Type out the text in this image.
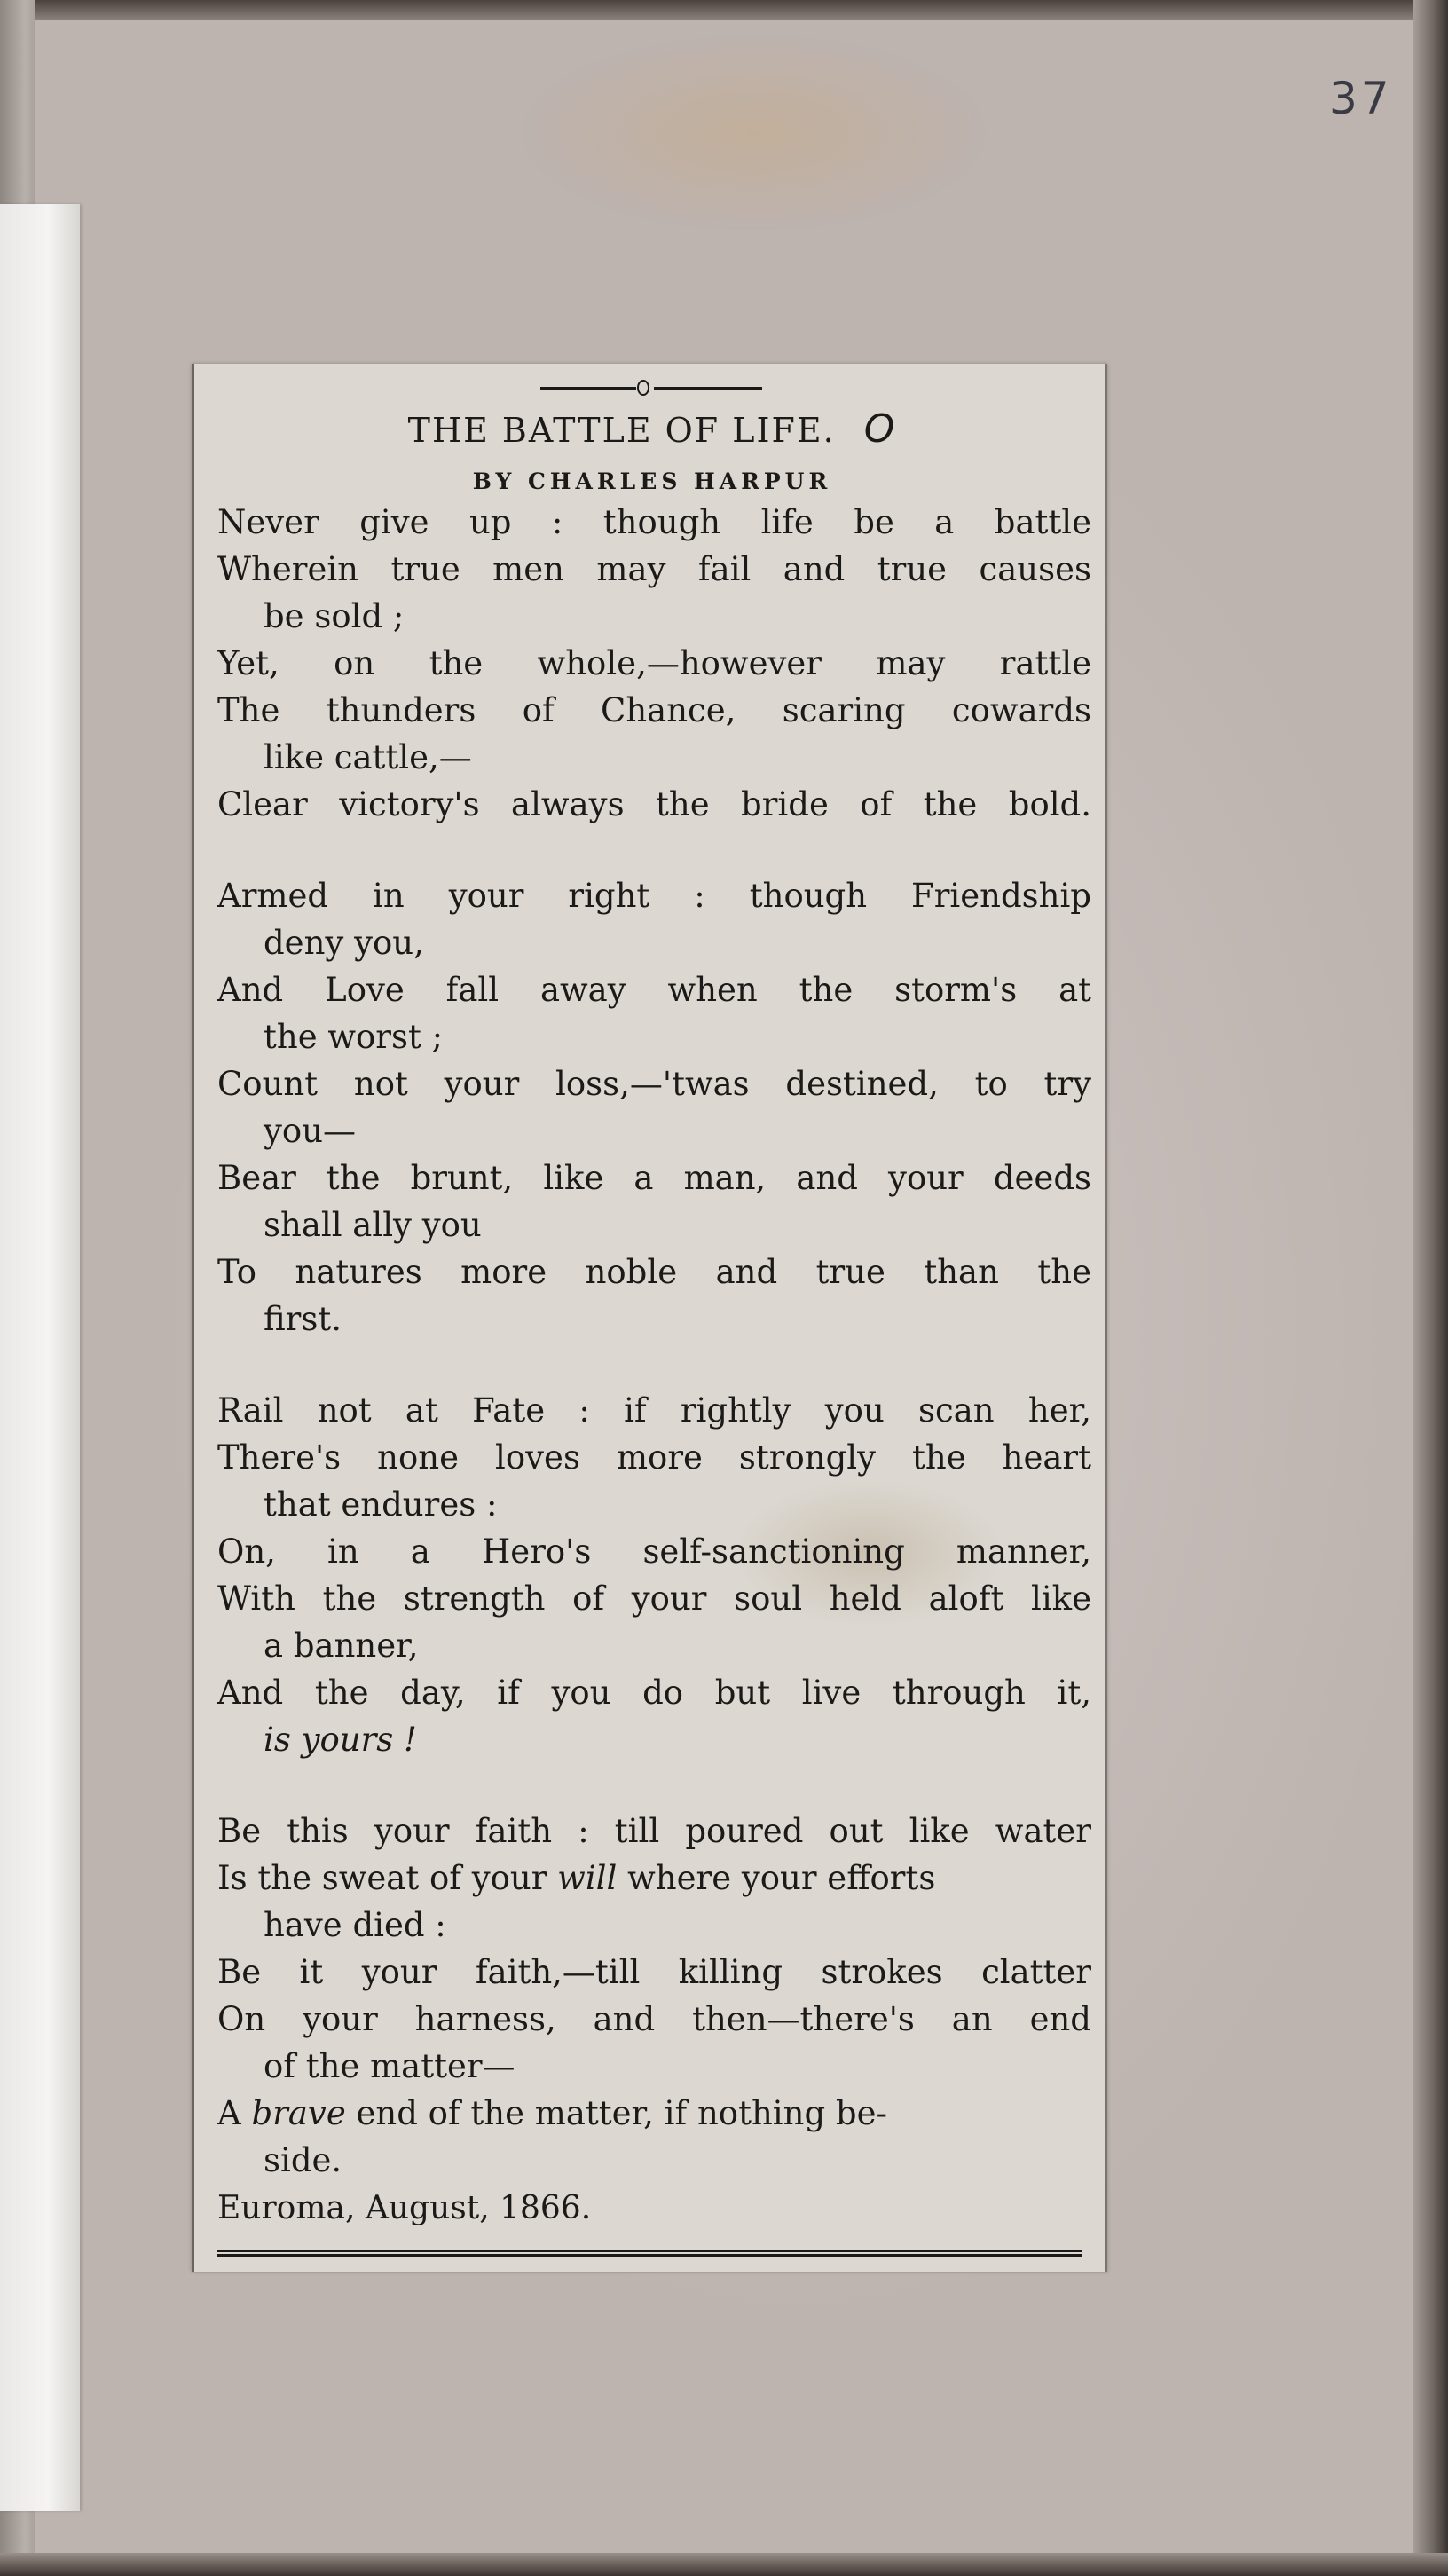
37
THE BATTLE OF LIFE. O
BY CHARLES HARPUR
Never give up : though life be a battle
Wherein true men may fail and true causes
be sold ;
Yet, on the whole,—however may rattle
The thunders of Chance, scaring cowards
like cattle,—
Clear victory's always the bride of the bold.
Armed in your right : though Friendship
deny you,
And Love fall away when the storm's at
the worst ;
Count not your loss,—'twas destined, to try
you—
Bear the brunt, like a man, and your deeds
shall ally you
To natures more noble and true than the
first.
Rail not at Fate : if rightly you scan her,
There's none loves more strongly the heart
that endures :
On, in a Hero's self-sanctioning manner,
With the strength of your soul held aloft like
a banner,
And the day, if you do but live through it,
is yours !
Be this your faith : till poured out like water
Is the sweat of your will where your efforts
have died :
Be it your faith,—till killing strokes clatter
On your harness, and then—there's an end
of the matter—
A brave end of the matter, if nothing be-
side.
Euroma, August, 1866.
